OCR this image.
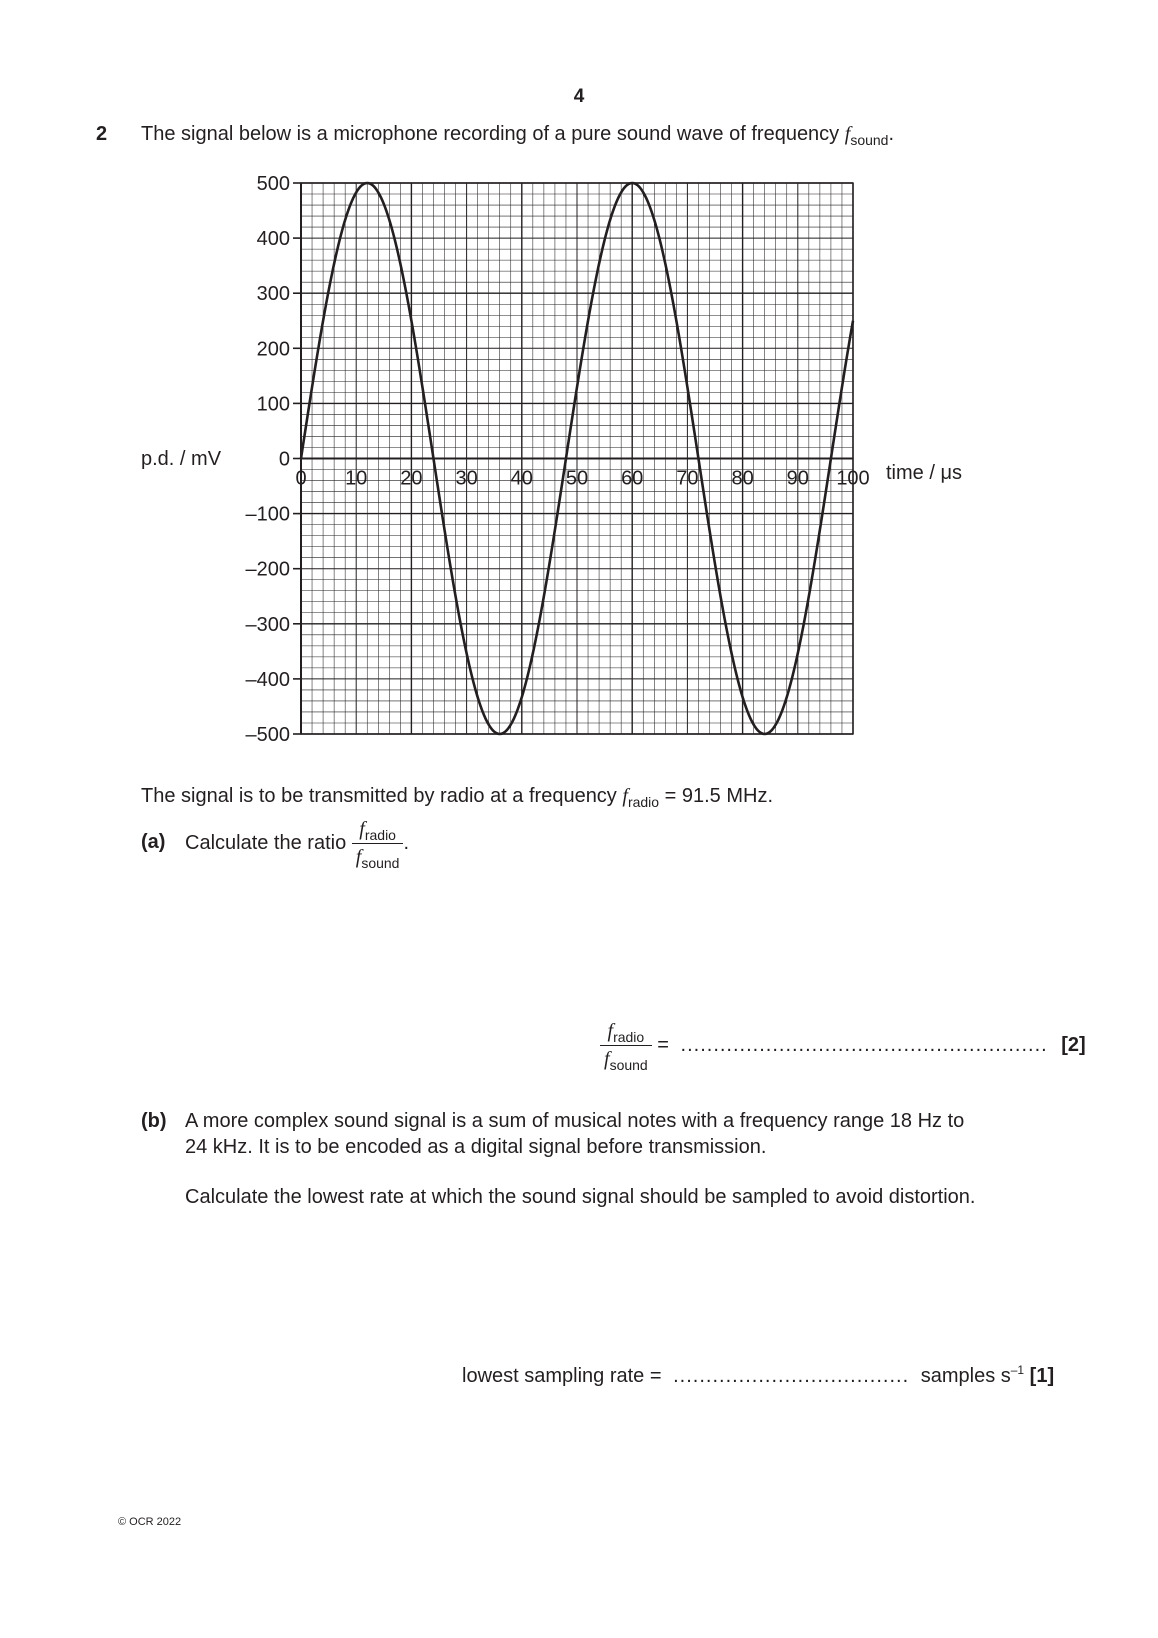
4
2 The signal below is a microphone recording of a pure sound wave of frequency $f_{sound}$.
500
400
300
200
100
0
–100
–200
–300
–400
–500
0 10 20 30 40 50 60 70 80 90 100
p.d. / mV
time / μs
The signal is to be transmitted by radio at a frequency $f_{radio} = 91.5$ MHz.
(a) Calculate the ratio $\frac{f_{radio}}{f_{sound}}$ .
$\frac{f_{radio}}{f_{sound}}$ = ........................................................ [2]
(b) A more complex sound signal is a sum of musical notes with a frequency range 18 Hz to
24 kHz. It is to be encoded as a digital signal before transmission.
Calculate the lowest rate at which the sound signal should be sampled to avoid distortion.
lowest sampling rate = .................................... samples $s^{-1}$ [1]
© OCR 2022
